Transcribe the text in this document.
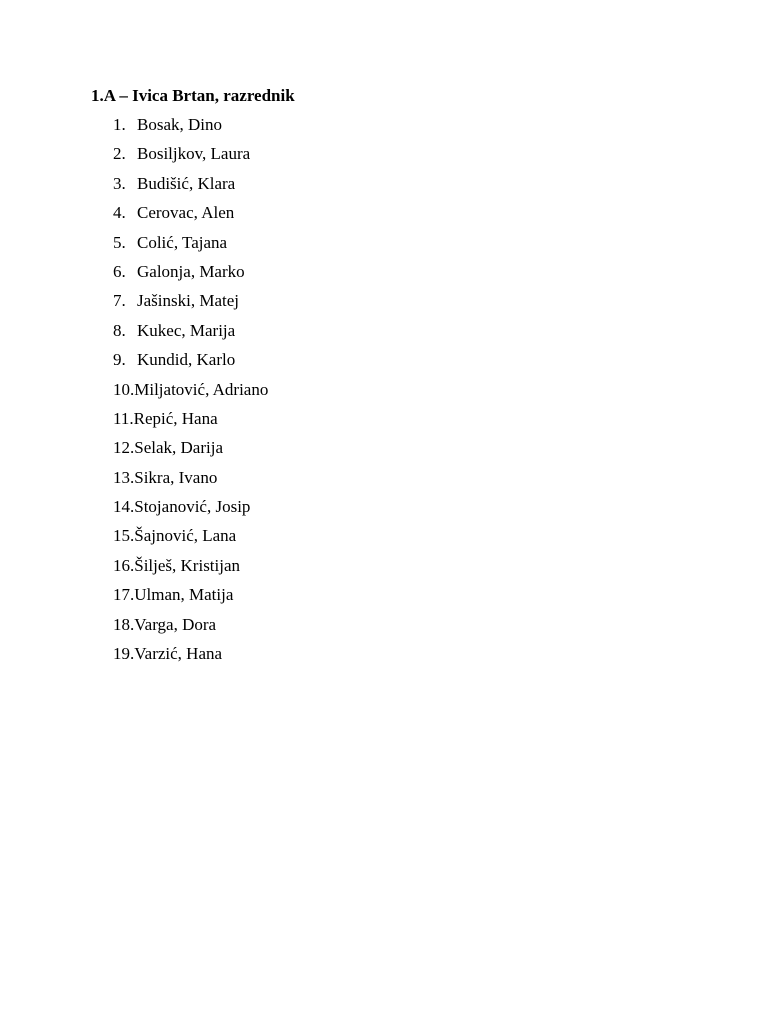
1.A – Ivica Brtan, razrednik
1. Bosak, Dino
2. Bosiljkov, Laura
3. Budišić, Klara
4. Cerovac, Alen
5. Colić, Tajana
6. Galonja, Marko
7. Jašinski, Matej
8. Kukec, Marija
9. Kundid, Karlo
10. Miljatović, Adriano
11. Repić, Hana
12. Selak, Darija
13. Sikra, Ivano
14. Stojanović, Josip
15. Šajnović, Lana
16. Šilješ, Kristijan
17. Ulman, Matija
18. Varga, Dora
19. Varzić, Hana
